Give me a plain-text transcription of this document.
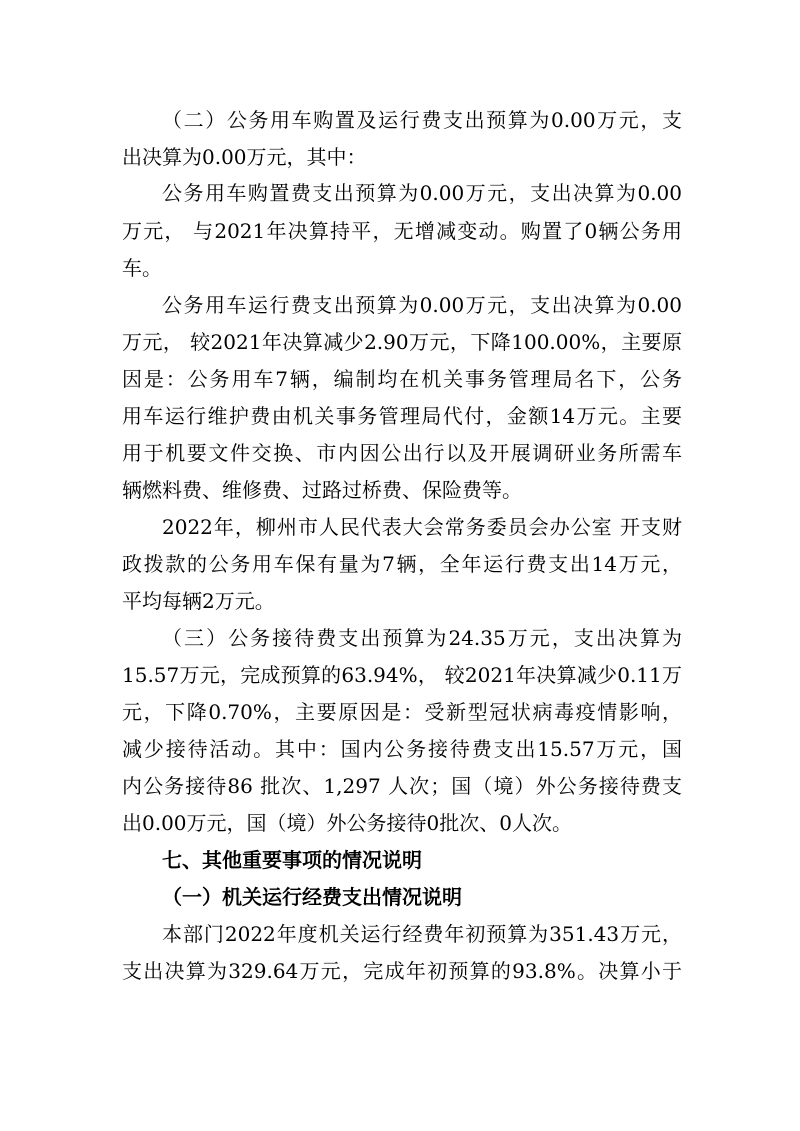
（二）公务用车购置及运行费支出预算为0.00万元，支
出决算为0.00万元，其中：
公务用车购置费支出预算为0.00万元，支出决算为0.00
万元， 与2021年决算持平，无增减变动。购置了0辆公务用
车。
公务用车运行费支出预算为0.00万元，支出决算为0.00
万元， 较2021年决算减少2.90万元，下降100.00%，主要原
因是：公务用车7辆，编制均在机关事务管理局名下，公务
用车运行维护费由机关事务管理局代付，金额14万元。主要
用于机要文件交换、市内因公出行以及开展调研业务所需车
辆燃料费、维修费、过路过桥费、保险费等。
2022年，柳州市人民代表大会常务委员会办公室 开支财
政拨款的公务用车保有量为7辆，全年运行费支出14万元，
平均每辆2万元。
（三）公务接待费支出预算为24.35万元，支出决算为
15.57万元，完成预算的63.94%， 较2021年决算减少0.11万
元，下降0.70%，主要原因是：受新型冠状病毒疫情影响，
减少接待活动。其中：国内公务接待费支出15.57万元，国
内公务接待86 批次、1,297 人次；国（境）外公务接待费支
出0.00万元，国（境）外公务接待0批次、0人次。
七、其他重要事项的情况说明
（一）机关运行经费支出情况说明
本部门2022年度机关运行经费年初预算为351.43万元，
支出决算为329.64万元，完成年初预算的93.8%。决算小于
